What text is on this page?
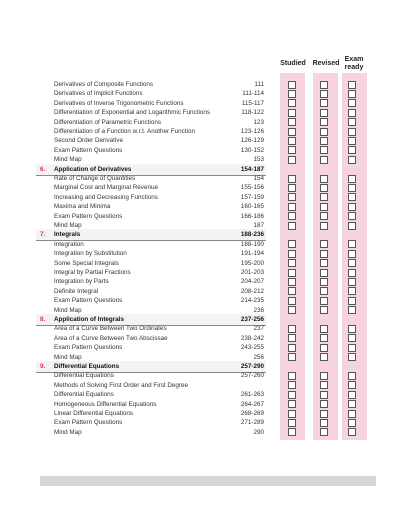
Studied Revised
Exam
ready
Derivatives of Composite Functions	111
Derivatives of Implicit Functions	111-114
Derivatives of Inverse Trigonometric Functions	115-117
Differentiation of Exponential and Logarithmic Functions	118-122
Differentiation of Parametric Functions	123
Differentiation of a Function w.r.t. Another Function	123-126
Second Order Derivative	126-129
Exam Pattern Questions	130-152
Mind Map	153
6. Application of Derivatives	154-187
Rate of Change of Quantities	154
Marginal Cost and Marginal Revenue	155-156
Increasing and Decreasing Functions	157-159
Maxima and Minima	160-165
Exam Pattern Questions	166-186
Mind Map	187
7. Integrals	188-236
Integration	188-190
Integration by Substitution	191-194
Some Special Integrals	195-200
Integral by Partial Fractions	201-203
Integration by Parts	204-207
Definite Integral	208-212
Exam Pattern Questions	214-235
Mind Map	236
8. Application of Integrals	237-256
Area of a Curve Between Two Ordinates	237
Area of a Curve Between Two Abscissae	238-242
Exam Pattern Questions	243-255
Mind Map	256
9. Differential Equations	257-290
Differential Equations	257-260
Methods of Solving First Order and First Degree
Differential Equations	261-263
Homogeneous Differential Equations	264-267
Linear Differential Equations	268-269
Exam Pattern Questions	271-289
Mind Map	290
